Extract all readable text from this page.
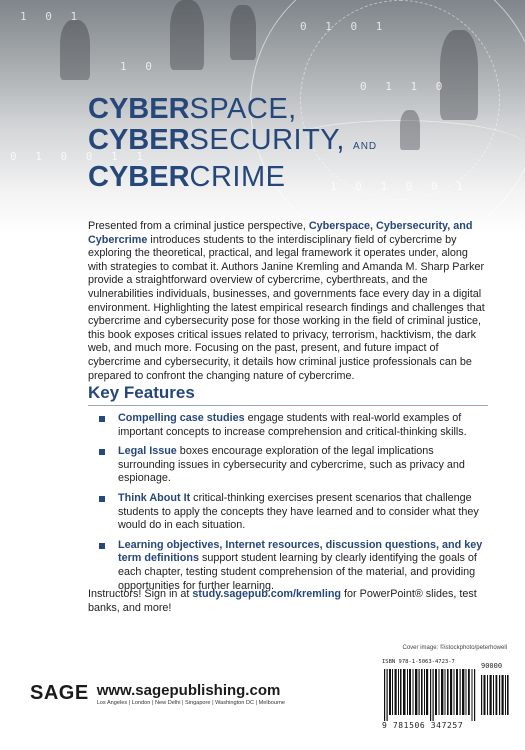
1 0 1
0 1 0 1
1 0
0 1 1 0
0 1 0 0 1 1
1 0 1 0 0 1
CYBERSPACE,
CYBERSECURITY, AND
CYBERCRIME

Presented from a criminal justice perspective, Cyberspace, Cybersecurity, and Cybercrime introduces students to the interdisciplinary field of cybercrime by exploring the theoretical, practical, and legal framework it operates under, along with strategies to combat it. Authors Janine Kremling and Amanda M. Sharp Parker provide a straightforward overview of cybercrime, cyberthreats, and the vulnerabilities individuals, businesses, and governments face every day in a digital environment. Highlighting the latest empirical research findings and challenges that cybercrime and cybersecurity pose for those working in the field of criminal justice, this book exposes critical issues related to privacy, terrorism, hacktivism, the dark web, and much more. Focusing on the past, present, and future impact of cybercrime and cybersecurity, it details how criminal justice professionals can be prepared to confront the changing nature of cybercrime.

Key Features
Compelling case studies engage students with real-world examples of important concepts to increase comprehension and critical-thinking skills.
Legal Issue boxes encourage exploration of the legal implications surrounding issues in cybersecurity and cybercrime, such as privacy and espionage.
Think About It critical-thinking exercises present scenarios that challenge students to apply the concepts they have learned and to consider what they would do in each situation.
Learning objectives, Internet resources, discussion questions, and key term definitions support student learning by clearly identifying the goals of each chapter, testing student comprehension of the material, and providing opportunities for further learning.

Instructors! Sign in at study.sagepub.com/kremling for PowerPoint® slides, test banks, and more!

Cover image: ©istockphoto/peterhowell
SAGE www.sagepublishing.com
Los Angeles | London | New Delhi | Singapore | Washington DC | Melbourne
ISBN 978-1-5063-4723-7	90000
9 781506 347257
